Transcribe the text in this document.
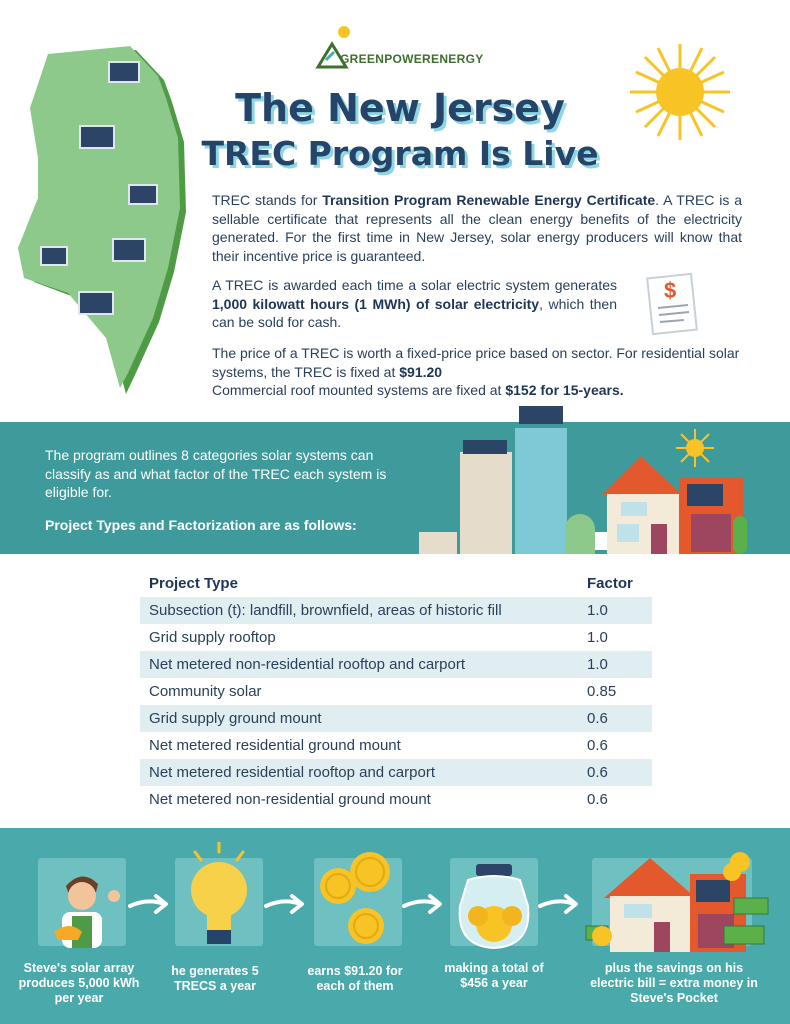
GREENPOWERENERGY
The New Jersey
TREC Program Is Live
TREC stands for Transition Program Renewable Energy Certificate. A TREC is a sellable certificate that represents all the clean energy benefits of the electricity generated. For the first time in New Jersey, solar energy producers will know that their incentive price is guaranteed.
A TREC is awarded each time a solar electric system generates 1,000 kilowatt hours (1 MWh) of solar electricity, which then can be sold for cash.
The price of a TREC is worth a fixed-price price based on sector. For residential solar systems, the TREC is fixed at $91.20
Commercial roof mounted systems are fixed at $152 for 15-years.
$
The program outlines 8 categories solar systems can classify as and what factor of the TREC each system is eligible for.
Project Types and Factorization are as follows:
Project Type	Factor
Subsection (t): landfill, brownfield, areas of historic fill	1.0
Grid supply rooftop	1.0
Net metered non-residential rooftop and carport	1.0
Community solar	0.85
Grid supply ground mount	0.6
Net metered residential ground mount	0.6
Net metered residential rooftop and carport	0.6
Net metered non-residential ground mount	0.6
Steve's solar array produces 5,000 kWh per year
he generates 5 TRECS a year
earns $91.20 for each of them
making a total of $456 a year
plus the savings on his electric bill = extra money in Steve's Pocket
